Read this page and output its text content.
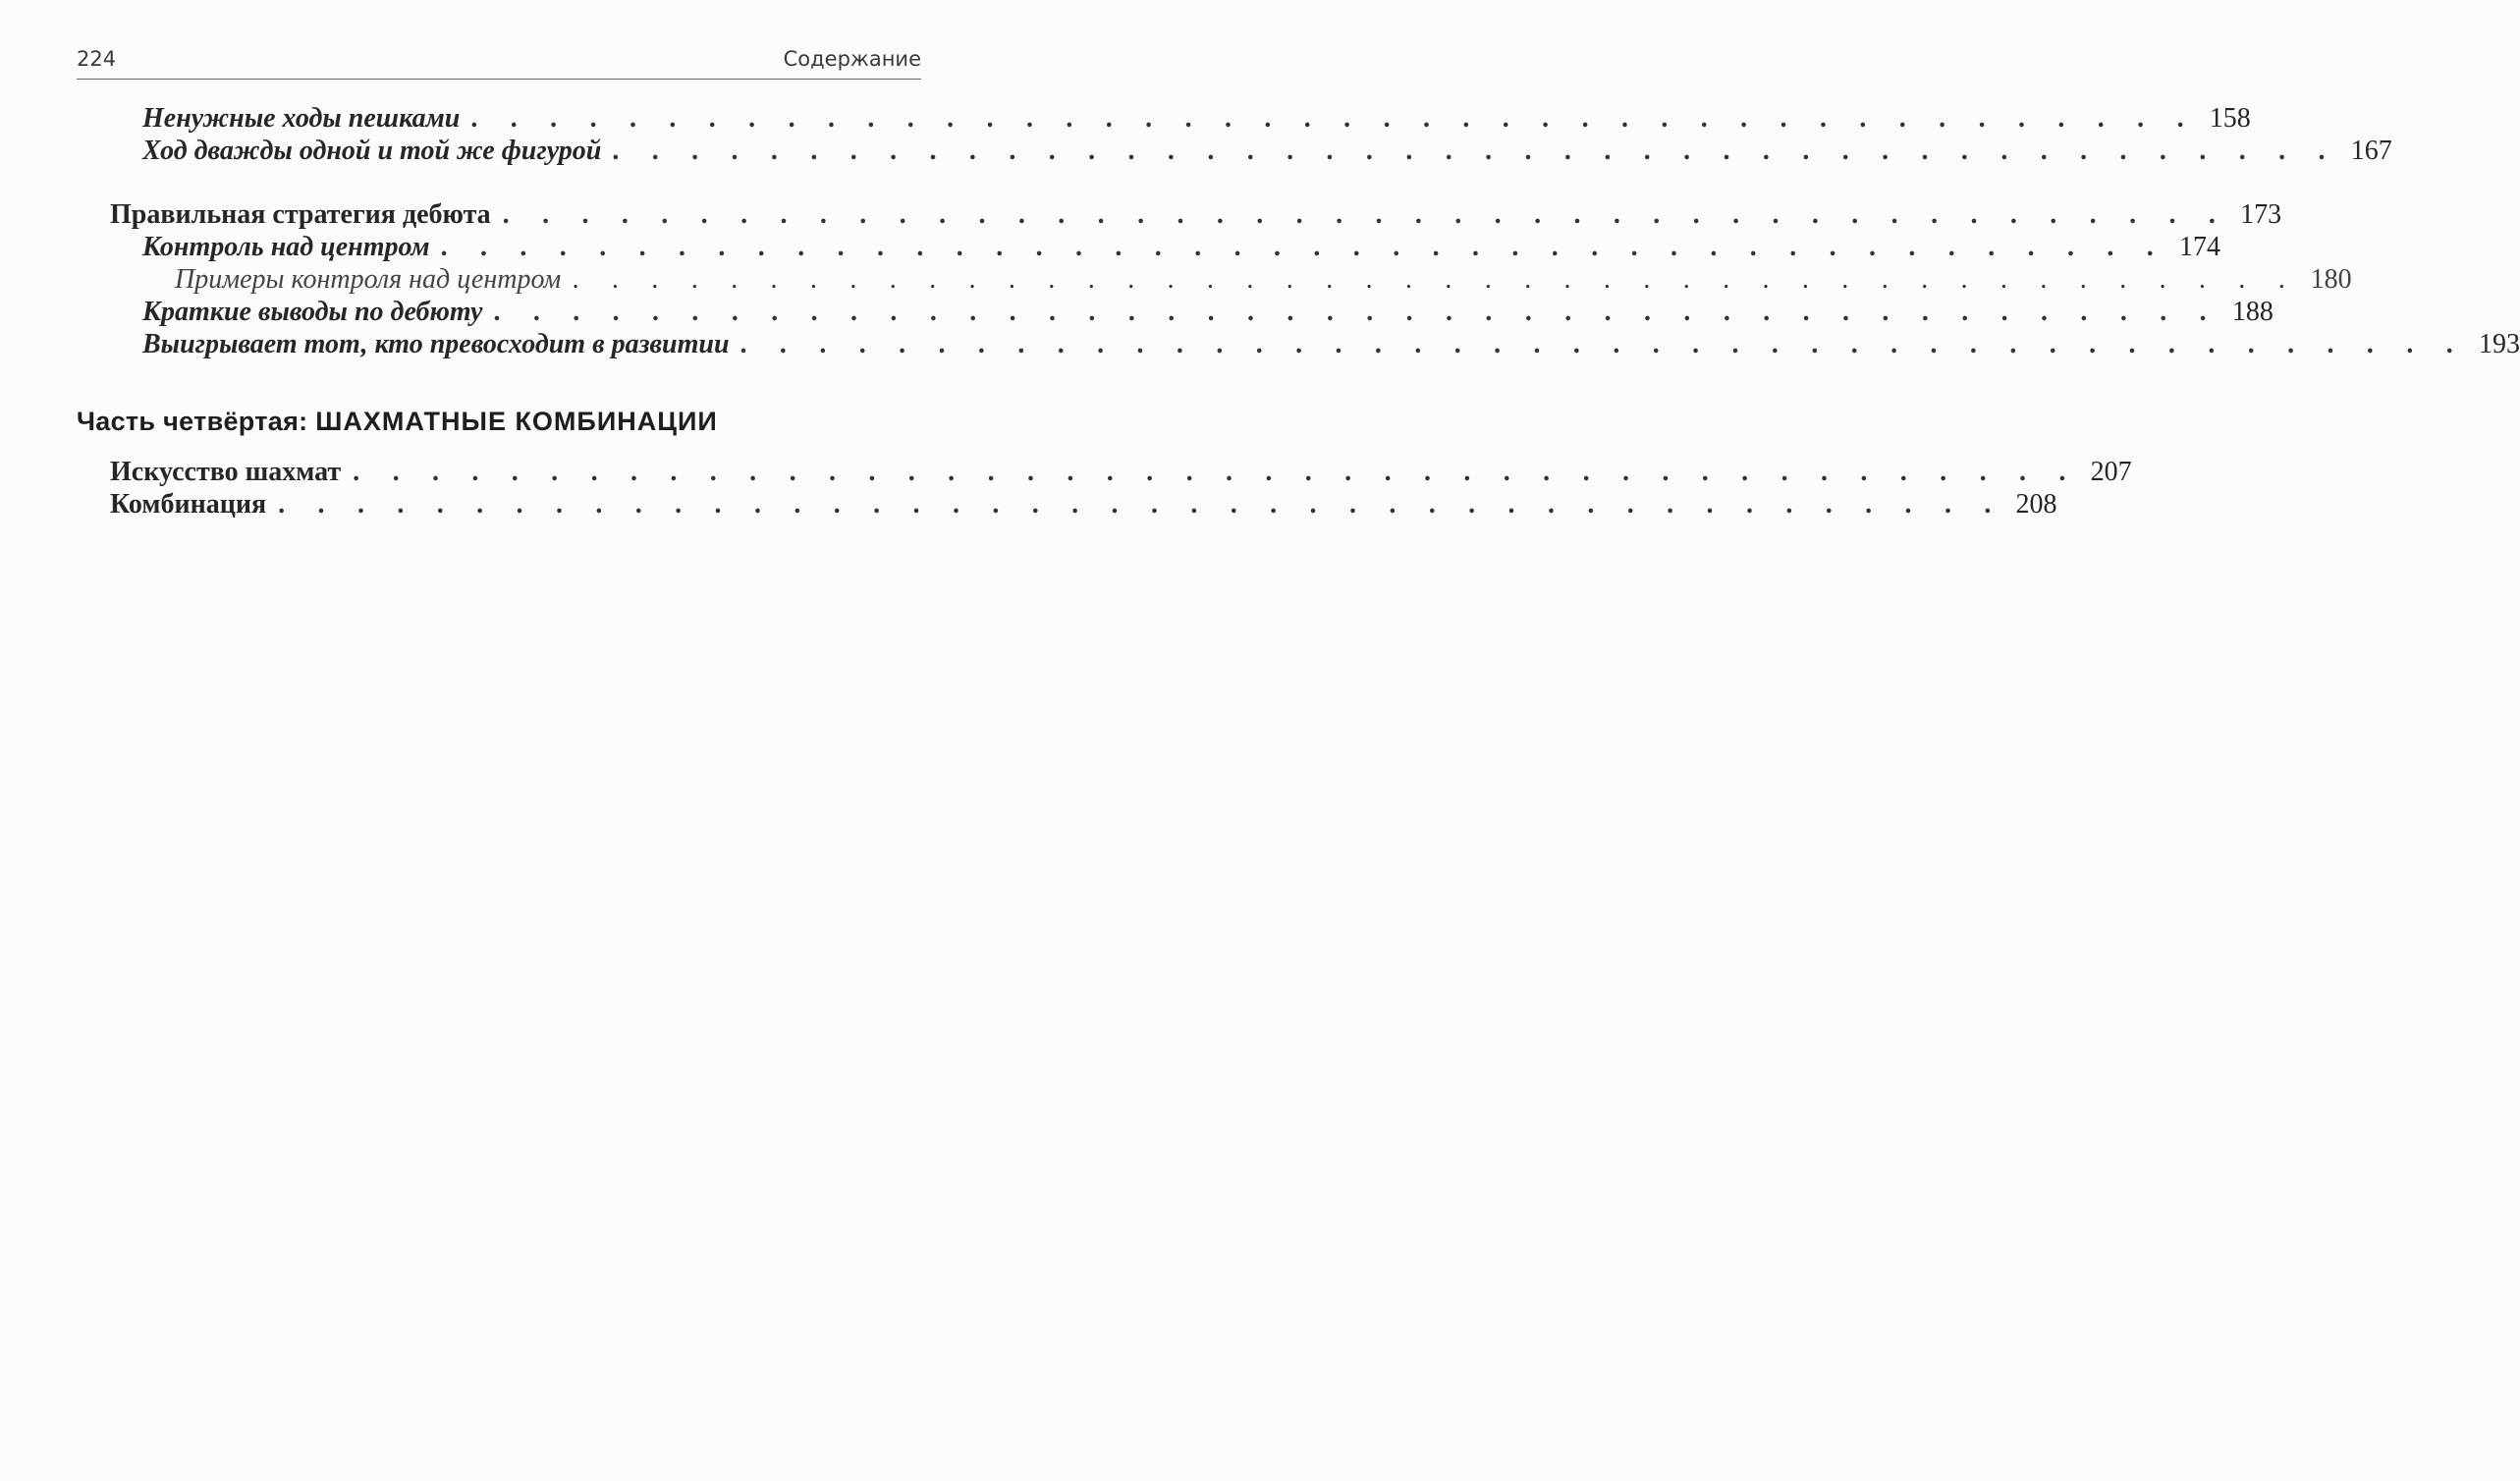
224	Содержание
Ненужные ходы пешками . . . . . . . . . . . . . . . . . . . . . . . . . . . . . . . . . . . . . . . . . . . . 158
Ход дважды одной и той же фигурой . . . . . . . . . . . . . . . . . . . . . . . . . . . . . . . . . . . . . . . . . . . . 167
Правильная стратегия дебюта . . . . . . . . . . . . . . . . . . . . . . . . . . . . . . . . . . . . . . . . . . . . 173
Контроль над центром . . . . . . . . . . . . . . . . . . . . . . . . . . . . . . . . . . . . . . . . . . . . 174
Примеры контроля над центром . . . . . . . . . . . . . . . . . . . . . . . . . . . . . . . . . . . . . . . . . . . . 180
Краткие выводы по дебюту . . . . . . . . . . . . . . . . . . . . . . . . . . . . . . . . . . . . . . . . . . . . 188
Выигрывает тот, кто превосходит в развитии . . . . . . . . . . . . . . . . . . . . . . . . . . . . . . . . . . . . . . . . . . . . 193
Часть четвёртая: ШАХМАТНЫЕ КОМБИНАЦИИ
Искусство шахмат . . . . . . . . . . . . . . . . . . . . . . . . . . . . . . . . . . . . . . . . . . . . 207
Комбинация . . . . . . . . . . . . . . . . . . . . . . . . . . . . . . . . . . . . . . . . . . . . 208
